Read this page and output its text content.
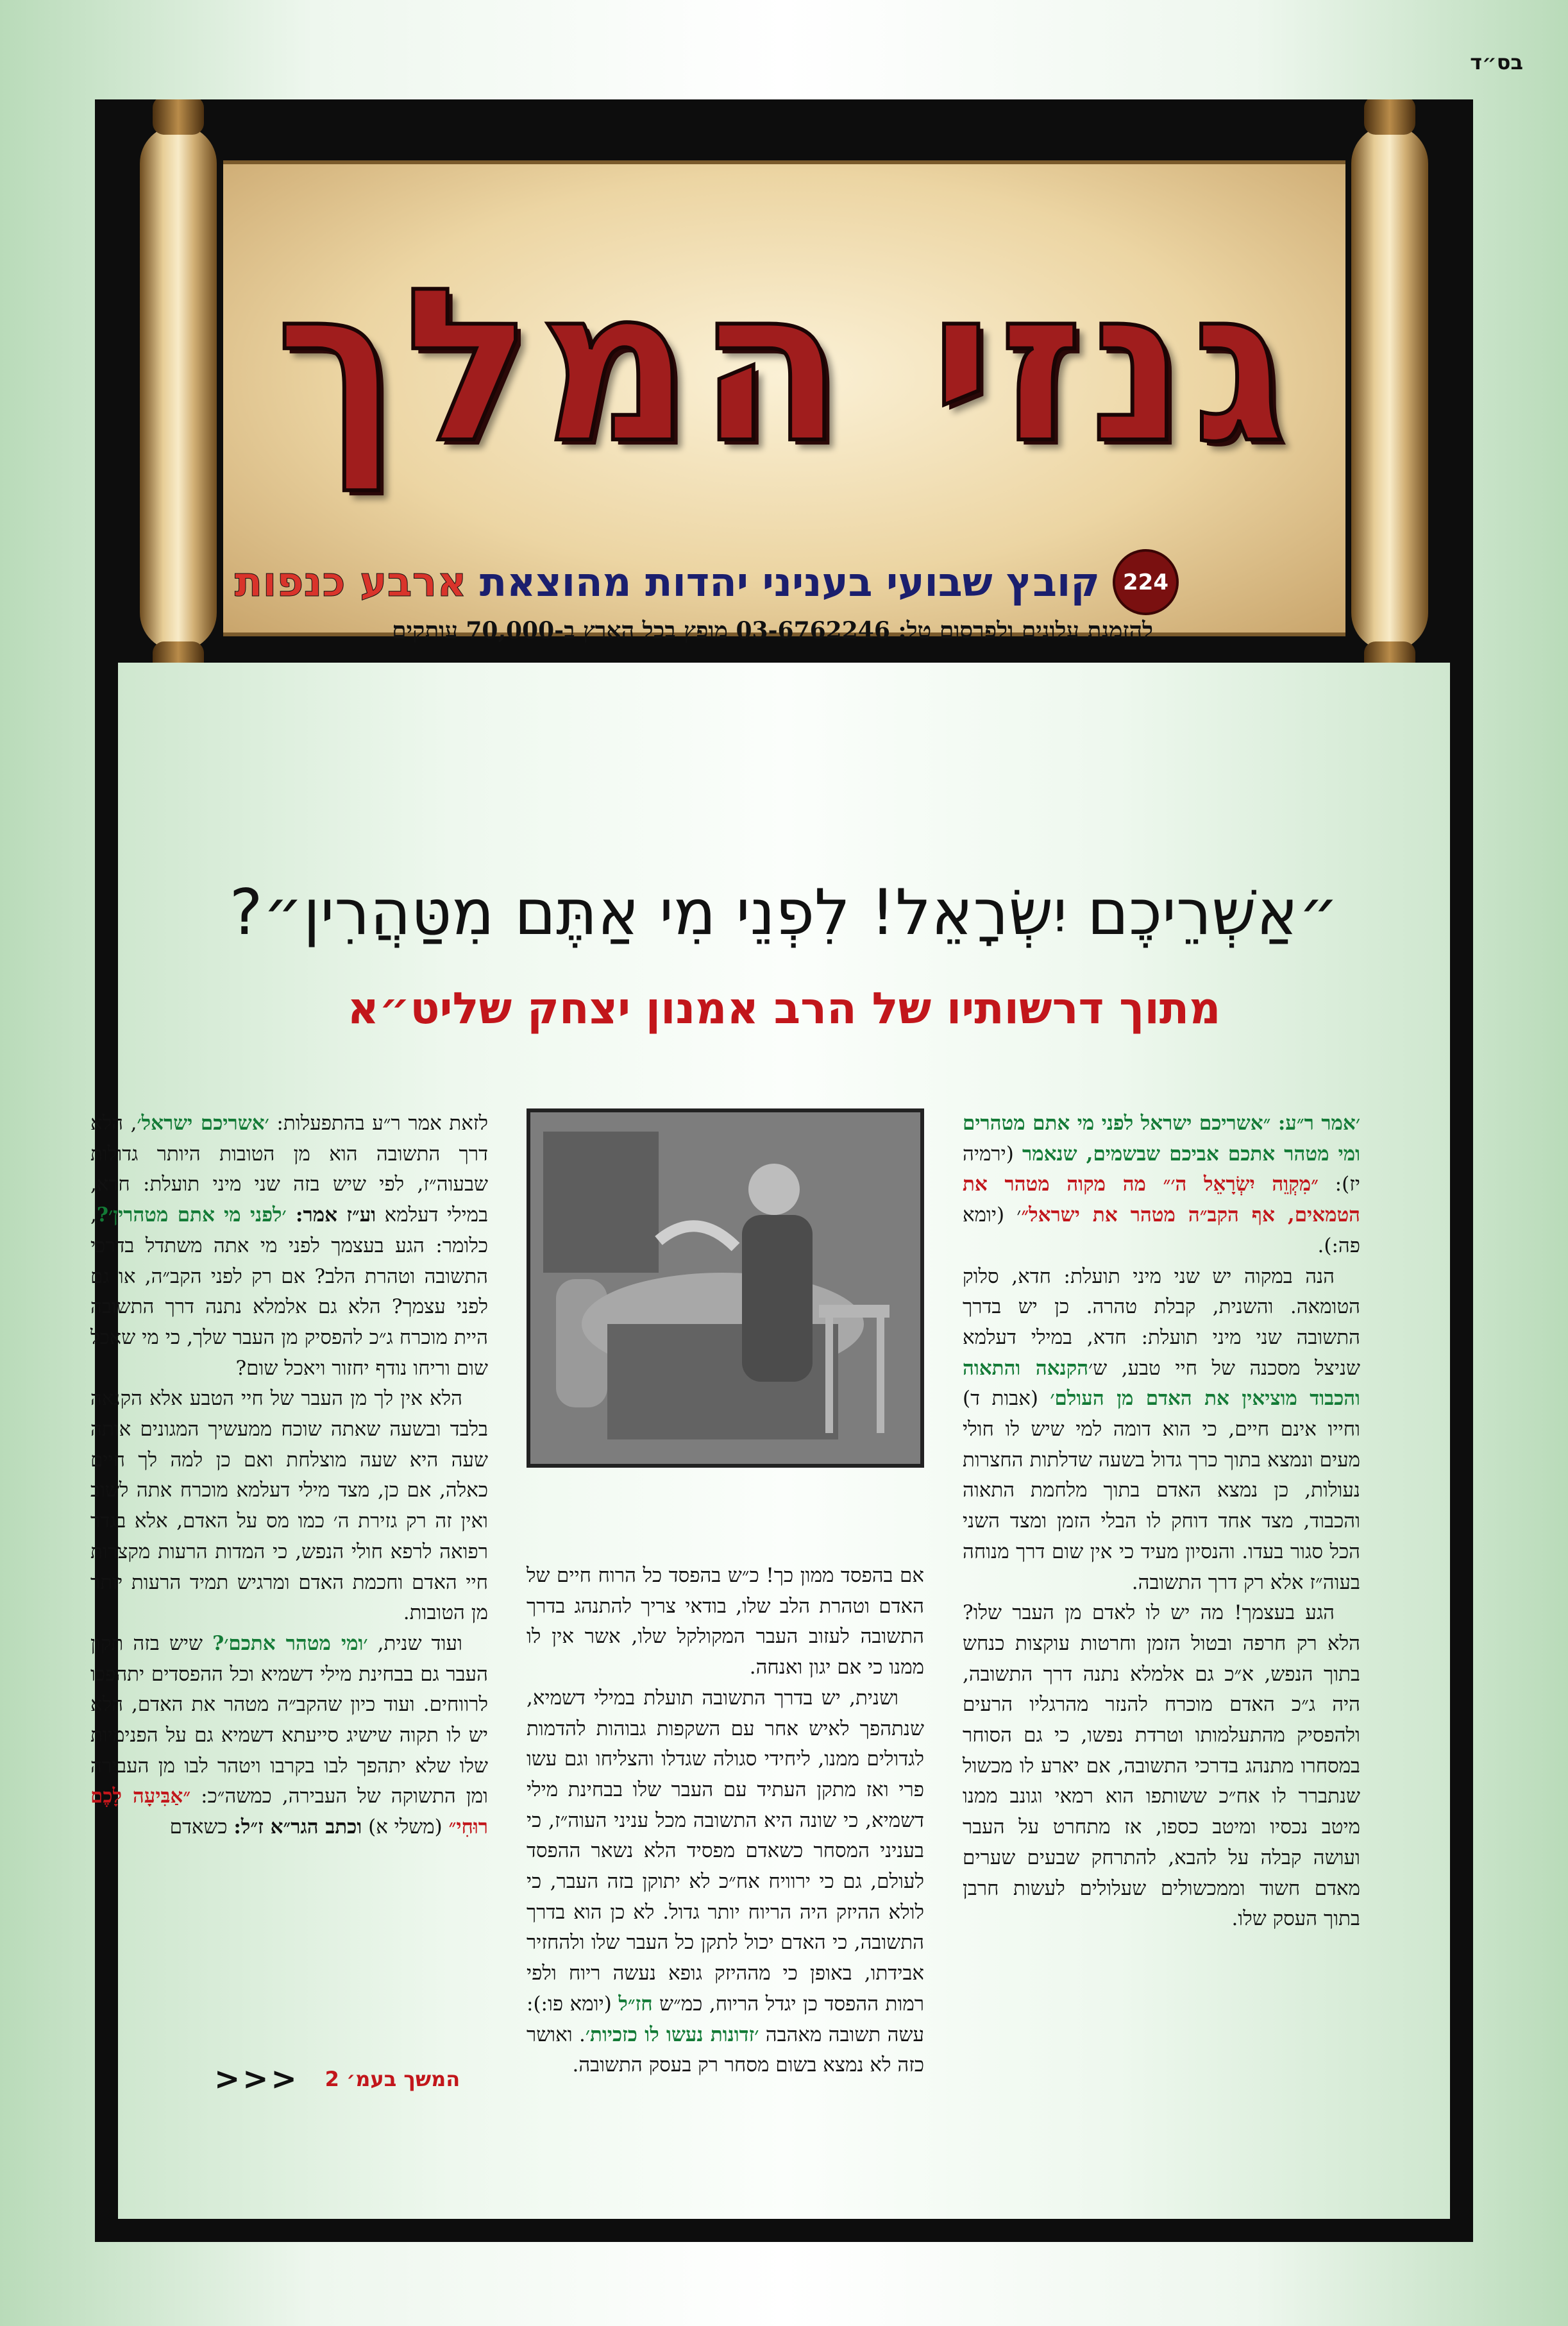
בס״ד
גנזי המלך
224
קובץ שבועי בעניני יהדות מהוצאת
ארבע כנפות
להזמנת עלונים ולפרסום טל: 03-6762246 מופץ בכל הארץ ב-70,000 עותקים
״אַשְׁרֵיכֶם יִשְׂרָאֵל! לִפְנֵי מִי אַתֶּם מִטַּהֲרִין״?
מתוך דרשותיו של הרב אמנון יצחק שליט״א

׳אמר ר״ע: ״אשריכם ישראל לפני מי אתם מטהרים ומי מטהר אתכם אביכם שבשמים, שנאמר (ירמיה יז): ״מִקְוֵה יִשְׂרָאֵל ה׳״ מה מקוה מטהר את הטמאים, אף הקב״ה מטהר את ישראל״׳ (יומא פה:).

הנה במקוה יש שני מיני תועלת: חדא, סלוק הטומאה. והשנית, קבלת טהרה. כן יש בדרך התשובה שני מיני תועלת: חדא, במילי דעלמא שניצל מסכנה של חיי טבע, ש׳הקנאה והתאוה והכבוד מוציאין את האדם מן העולם׳ (אבות ד) וחייו אינם חיים, כי הוא דומה למי שיש לו חולי מעים ונמצא בתוך כרך גדול בשעה שדלתות החצרות נעולות, כן נמצא האדם בתוך מלחמת התאוה והכבוד, מצד אחד דוחק לו הבלי הזמן ומצד השני הכל סגור בעדו. והנסיון מעיד כי אין שום דרך מנוחה בעוה״ז אלא רק דרך התשובה.

הגע בעצמך! מה יש לו לאדם מן העבר שלו? הלא רק חרפה ובטול הזמן וחרטות עוקצות כנחש בתוך הנפש, א״כ גם אלמלא נתנה דרך התשובה, היה ג״כ האדם מוכרח להנזר מהרגליו הרעים ולהפסיק מהתעלמותו וטרדת נפשו, כי גם הסוחר במסחרו מתנהג בדרכי התשובה, אם יארע לו מכשול שנתברר לו אח״כ ששותפו הוא רמאי וגונב ממנו מיטב נכסיו ומיטב כספו, אז מתחרט על העבר ועושה קבלה על להבא, להתרחק שבעים שערים מאדם חשוד וממכשולים שעלולים לעשות חרבן בתוך העסק שלו.

אם בהפסד ממון כך! כ״ש בהפסד כל הרוח חיים של האדם וטהרת הלב שלו, בודאי צריך להתנהג בדרך התשובה לעזוב העבר המקולקל שלו, אשר אין לו ממנו כי אם יגון ואנחה.

ושנית, יש בדרך התשובה תועלת במילי דשמיא, שנתהפך לאיש אחר עם השקפות גבוהות להדמות לגדולים ממנו, ליחידי סגולה שגדלו והצליחו וגם עשו פרי ואז מתקן העתיד עם העבר שלו בבחינת מילי דשמיא, כי שונה היא התשובה מכל עניני העוה״ז, כי בעניני המסחר כשאדם מפסיד הלא נשאר ההפסד לעולם, גם כי ירוויח אח״כ לא יתוקן בזה העבר, כי לולא ההיזק היה הריוח יותר גדול. לא כן הוא בדרך התשובה, כי האדם יכול לתקן כל העבר שלו ולהחזיר אבידתו, באופן כי מההיזק גופא נעשה ריוח ולפי רמות ההפסד כן יגדל הריוח, כמ״ש חז״ל (יומא פו:): עשה תשובה מאהבה ׳זדונות נעשו לו כזכיות׳. ואושר כזה לא נמצא בשום מסחר רק בעסק התשובה.

לזאת אמר ר״ע בהתפעלות: ׳אשריכם ישראל׳, הלא דרך התשובה הוא מן הטובות היותר גדולות שבעוה״ז, לפי שיש בזה שני מיני תועלת: חדא, במילי דעלמא וע״ז אמר: ׳לפני מי אתם מטהרין׳?, כלומר: הגע בעצמך לפני מי אתה משתדל בדרכי התשובה וטהרת הלב? אם רק לפני הקב״ה, או גם לפני עצמך? הלא גם אלמלא נתנה דרך התשובה היית מוכרח ג״כ להפסיק מן העבר שלך, כי מי שאכל שום וריחו נודף יחזור ויאכל שום?

הלא אין לך מן העבר של חיי הטבע אלא הקנאה בלבד ובשעה שאתה שוכח ממעשיך המגונים אותה שעה היא שעה מוצלחת ואם כן למה לך חיים כאלה, אם כן, מצד מילי דעלמא מוכרח אתה לשוב ואין זה רק גזירת ה׳ כמו מס על האדם, אלא בגדר רפואה לרפא חולי הנפש, כי המדות הרעות מקצרות חיי האדם וחכמת האדם ומרגיש תמיד הרעות יותר מן הטובות.

ועוד שנית, ׳ומי מטהר אתכם׳? שיש בזה תקון העבר גם בבחינת מילי דשמיא וכל ההפסדים יתהפכו לרווחים. ועוד כיון שהקב״ה מטהר את האדם, הלא יש לו תקוה שישיג סייעתא דשמיא גם על הפנימיות שלו שלא יתהפך לבו בקרבו ויטהר לבו מן העבירה ומן התשוקה של העבירה, כמשה״כ: ״אַבִּיעָה לָכֶם רוּחִי״ (משלי א) וכתב הגר״א ז״ל: כשאדם

המשך בעמ׳ 2
<<<
